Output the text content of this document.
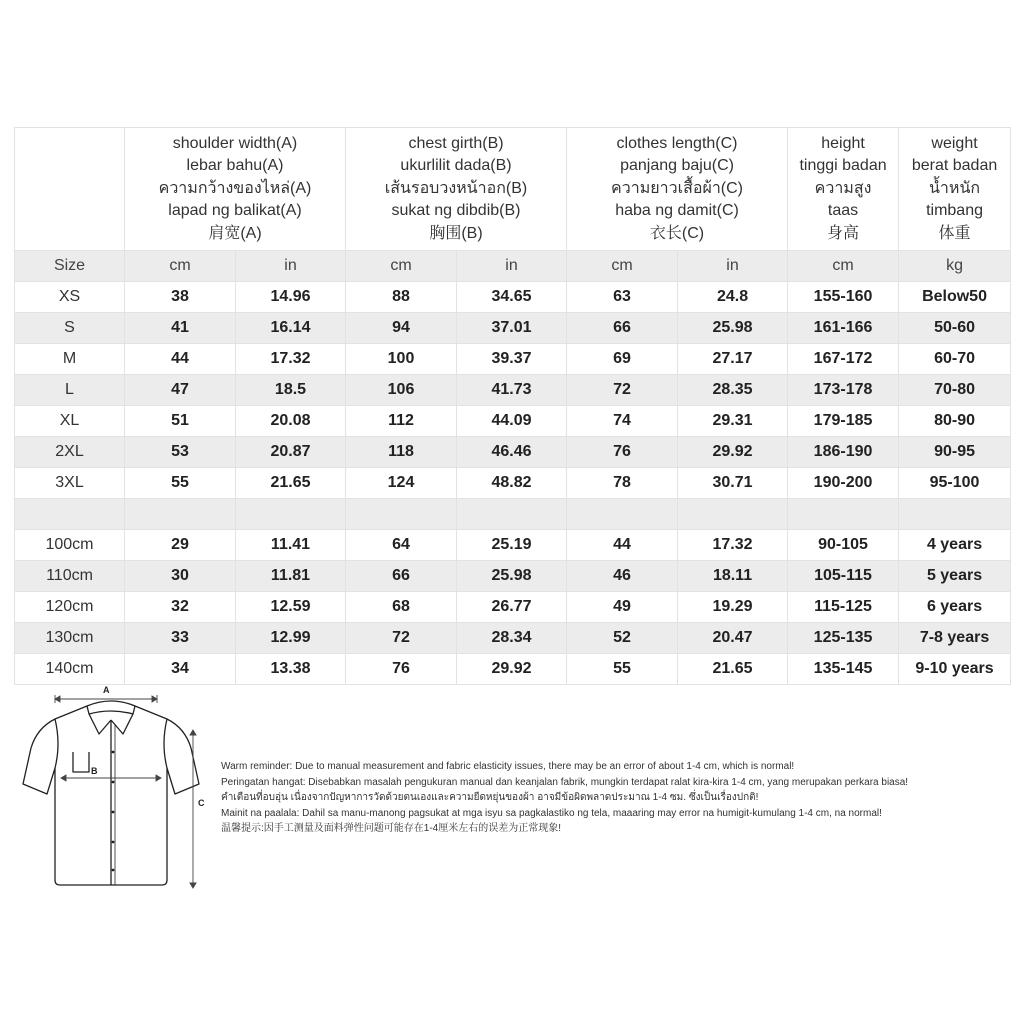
	shoulder width(A)
lebar bahu(A)
ความกว้างของไหล่(A)
lapad ng balikat(A)
肩宽(A)		chest girth(B)
ukurlilit dada(B)
เส้นรอบวงหน้าอก(B)
sukat ng dibdib(B)
胸围(B)		clothes length(C)
panjang baju(C)
ความยาวเสื้อผ้า(C)
haba ng damit(C)
衣长(C)		height
tinggi badan
ความสูง
taas
身高	weight
berat badan
น้ำหนัก
timbang
体重

Size	cm	in	cm	in	cm	in	cm	kg
XS	38	14.96	88	34.65	63	24.8	155-160	Below50
S	41	16.14	94	37.01	66	25.98	161-166	50-60
M	44	17.32	100	39.37	69	27.17	167-172	60-70
L	47	18.5	106	41.73	72	28.35	173-178	70-80
XL	51	20.08	112	44.09	74	29.31	179-185	80-90
2XL	53	20.87	118	46.46	76	29.92	186-190	90-95
3XL	55	21.65	124	48.82	78	30.71	190-200	95-100

100cm	29	11.41	64	25.19	44	17.32	90-105	4 years
110cm	30	11.81	66	25.98	46	18.11	105-115	5 years
120cm	32	12.59	68	26.77	49	19.29	115-125	6 years
130cm	33	12.99	72	28.34	52	20.47	125-135	7-8 years
140cm	34	13.38	76	29.92	55	21.65	135-145	9-10 years
A
B
C
Warm reminder: Due to manual measurement and fabric elasticity issues, there may be an error of about 1-4 cm, which is normal!
Peringatan hangat: Disebabkan masalah pengukuran manual dan keanjalan fabrik, mungkin terdapat ralat kira-kira 1-4 cm, yang merupakan perkara biasa!
คำเตือนที่อบอุ่น เนื่องจากปัญหาการวัดด้วยตนเองและความยืดหยุ่นของผ้า อาจมีข้อผิดพลาดประมาณ 1-4 ซม. ซึ่งเป็นเรื่องปกติ!
Mainit na paalala: Dahil sa manu-manong pagsukat at mga isyu sa pagkalastiko ng tela, maaaring may error na humigit-kumulang 1-4 cm, na normal!
温馨提示:因手工测量及面料弹性问题可能存在1-4厘米左右的误差为正常现象!
